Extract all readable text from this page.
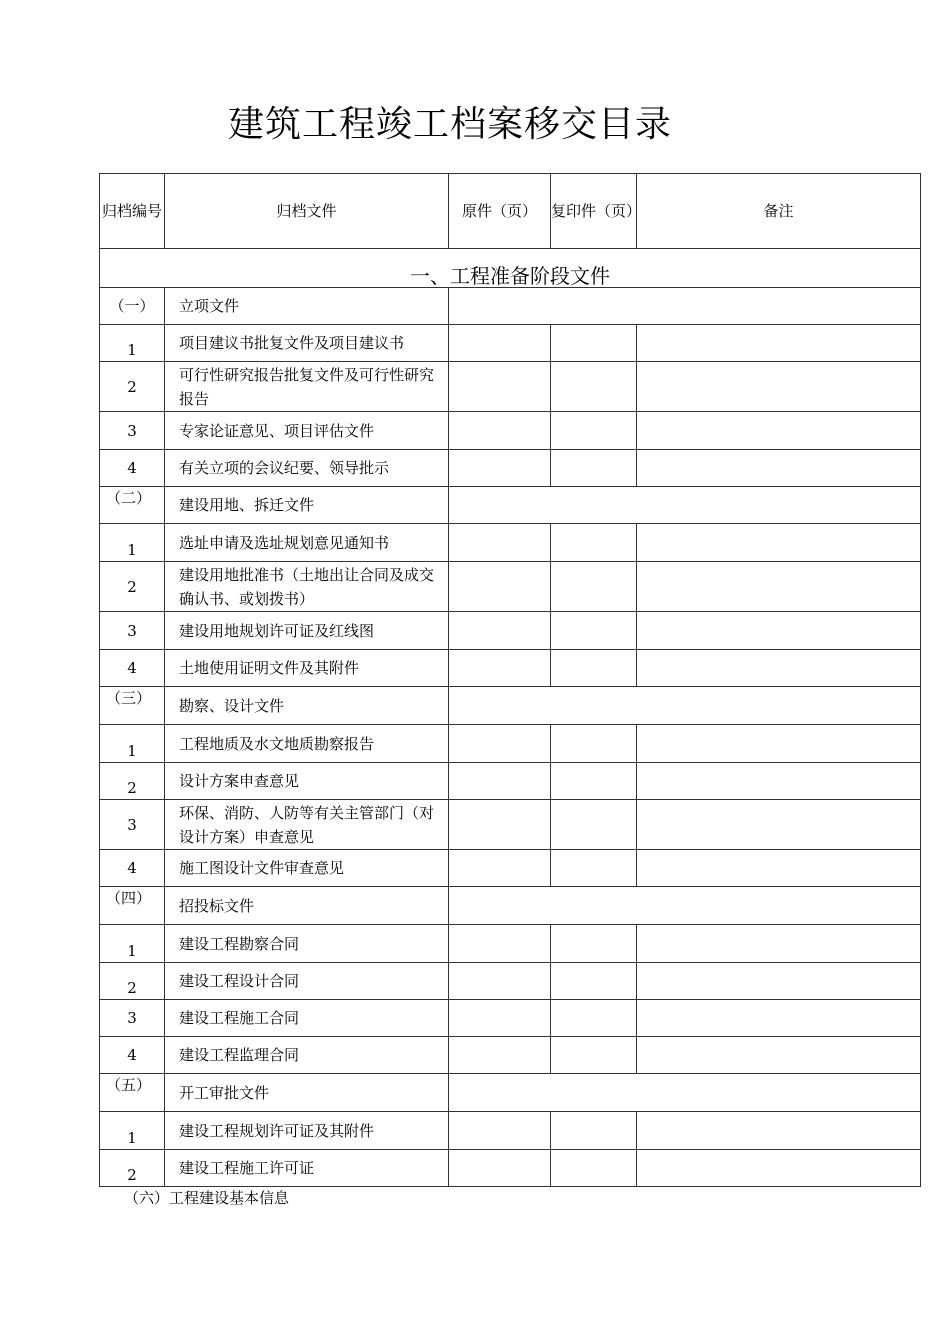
建筑工程竣工档案移交目录
归档编号	归档文件	原件（页）	复印件（页）	备注
一、工程准备阶段文件				
（一）	立项文件			
1	项目建议书批复文件及项目建议书			
2	可行性研究报告批复文件及可行性研究报告			
3	专家论证意见、项目评估文件			
4	有关立项的会议纪要、领导批示			
（二）	建设用地、拆迁文件			
1	选址申请及选址规划意见通知书			
2	建设用地批准书（土地出让合同及成交确认书、或划拨书）			
3	建设用地规划许可证及红线图			
4	土地使用证明文件及其附件			
（三）	勘察、设计文件			
1	工程地质及水文地质勘察报告			
2	设计方案申查意见			
3	环保、消防、人防等有关主管部门（对设计方案）申查意见			
4	施工图设计文件审查意见			
（四）	招投标文件			
1	建设工程勘察合同			
2	建设工程设计合同			
3	建设工程施工合同			
4	建设工程监理合同			
（五）	开工审批文件			
1	建设工程规划许可证及其附件			
2	建设工程施工许可证			
（六）工程建设基本信息
